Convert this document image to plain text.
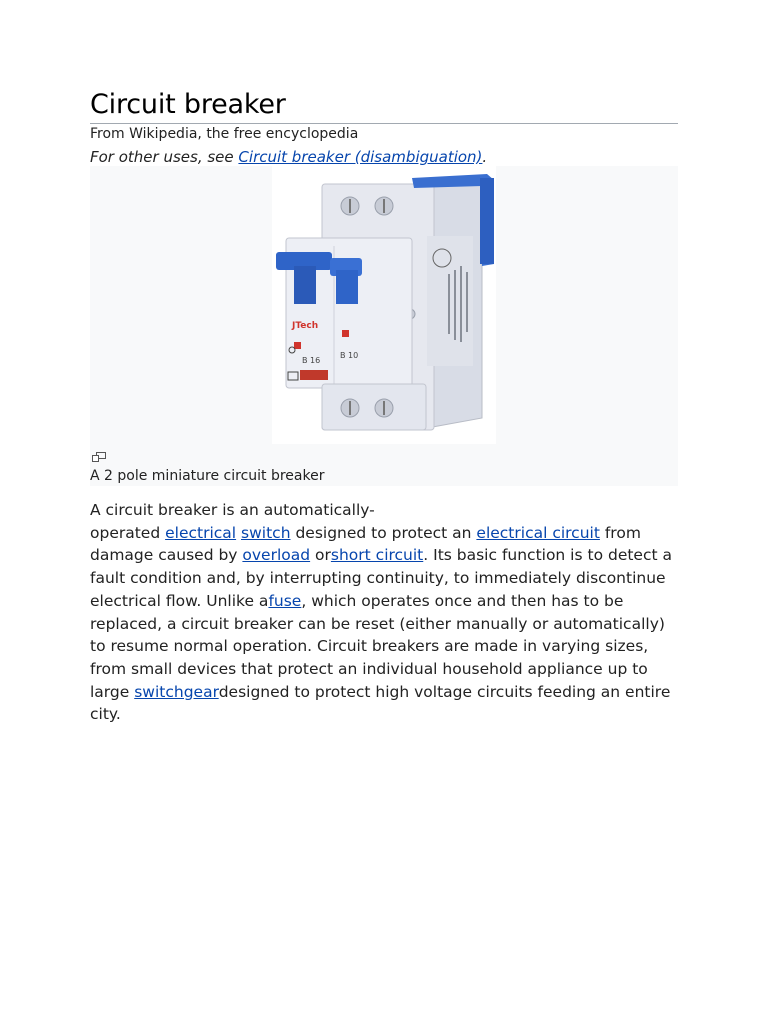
Circuit breaker
From Wikipedia, the free encyclopedia
For other uses, see Circuit breaker (disambiguation).
JTech
B 16
B 10
A 2 pole miniature circuit breaker

A circuit breaker is an automatically-
operated electrical switch designed to protect an electrical circuit from damage caused by overload orshort circuit. Its basic function is to detect a fault condition and, by interrupting continuity, to immediately discontinue electrical flow. Unlike afuse, which operates once and then has to be replaced, a circuit breaker can be reset (either manually or automatically) to resume normal operation. Circuit breakers are made in varying sizes, from small devices that protect an individual household appliance up to large switchgeardesigned to protect high voltage circuits feeding an entire city.
